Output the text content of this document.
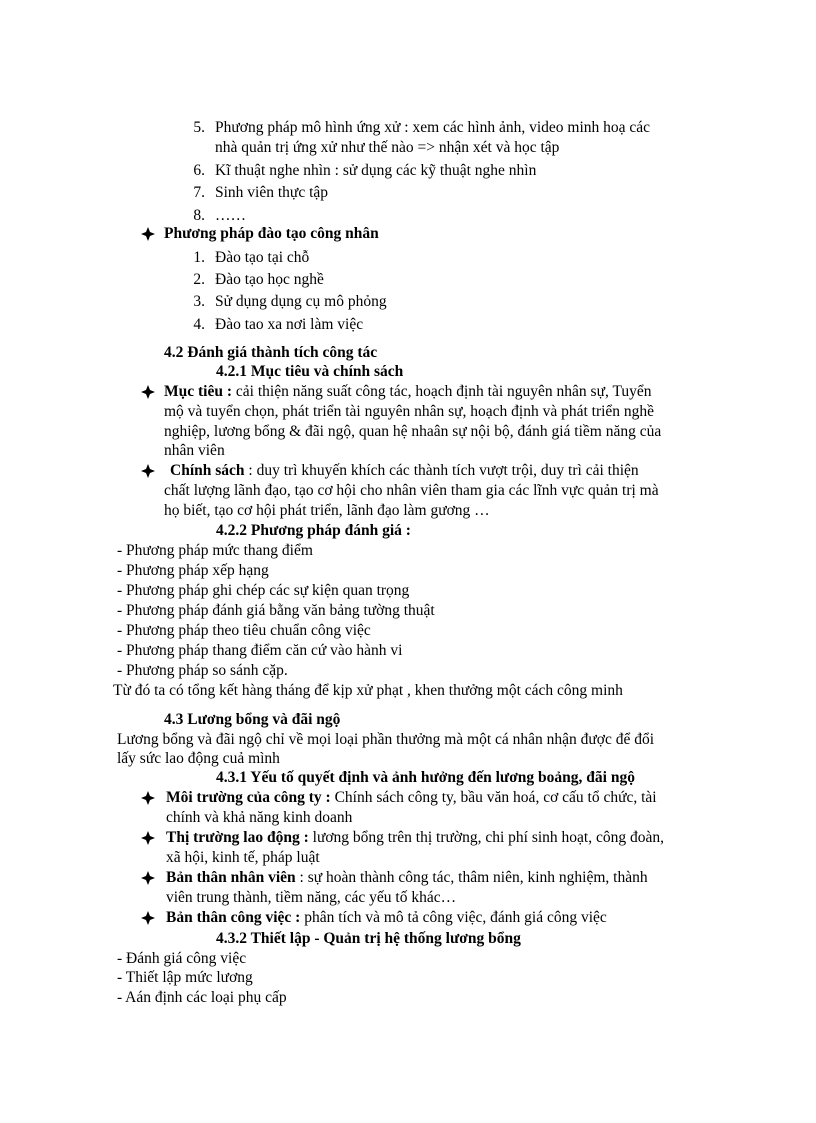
5. Phương pháp mô hình ứng xử : xem các hình ảnh, video minh hoạ các
nhà quản trị ứng xử như thế nào => nhận xét và học tập
6. Kĩ thuật nghe nhìn : sử dụng các kỹ thuật nghe nhìn
7. Sinh viên thực tập
8. ……
Phương pháp đào tạo công nhân
1. Đào tạo tại chỗ
2. Đào tạo học nghề
3. Sử dụng dụng cụ mô phỏng
4. Đào tao xa nơi làm việc
4.2 Đánh giá thành tích công tác
4.2.1 Mục tiêu và chính sách
Mục tiêu : cải thiện năng suất công tác, hoạch định tài nguyên nhân sự, Tuyển
mộ và tuyển chọn, phát triển tài nguyên nhân sự, hoạch định và phát triển nghề
nghiệp, lương bổng & đãi ngộ, quan hệ nhaân sự nội bộ, đánh giá tiềm năng của
nhân viên
Chính sách : duy trì khuyến khích các thành tích vượt trội, duy trì cải thiện
chất lượng lãnh đạo, tạo cơ hội cho nhân viên tham gia các lĩnh vực quản trị mà
họ biết, tạo cơ hội phát triển, lãnh đạo làm gương …
4.2.2 Phương pháp đánh giá :
- Phương pháp mức thang điểm
- Phương pháp xếp hạng
- Phương pháp ghi chép các sự kiện quan trọng
- Phương pháp đánh giá bằng văn bảng tường thuật
- Phương pháp theo tiêu chuẩn công việc
- Phương pháp thang điểm căn cứ vào hành vi
- Phương pháp so sánh cặp.
Từ đó ta có tổng kết hàng tháng để kịp xử phạt , khen thưởng một cách công minh
4.3 Lương bổng và đãi ngộ
Lương bổng và đãi ngộ chỉ về mọi loại phần thưởng mà một cá nhân nhận được để đổi
lấy sức lao động cuả mình
4.3.1 Yếu tố quyết định và ảnh hưởng đến lương boảng, đãi ngộ
Môi trường của công ty : Chính sách công ty, bầu văn hoá, cơ cấu tổ chức, tài
chính và khả năng kinh doanh
Thị trường lao động : lương bổng trên thị trường, chi phí sinh hoạt, công đoàn,
xã hội, kinh tế, pháp luật
Bản thân nhân viên : sự hoàn thành công tác, thâm niên, kinh nghiệm, thành
viên trung thành, tiềm năng, các yếu tố khác…
Bản thân công việc : phân tích và mô tả công việc, đánh giá công việc
4.3.2 Thiết lập - Quản trị hệ thống lương bổng
- Đánh giá công việc
- Thiết lập mức lương
- Aán định các loại phụ cấp
